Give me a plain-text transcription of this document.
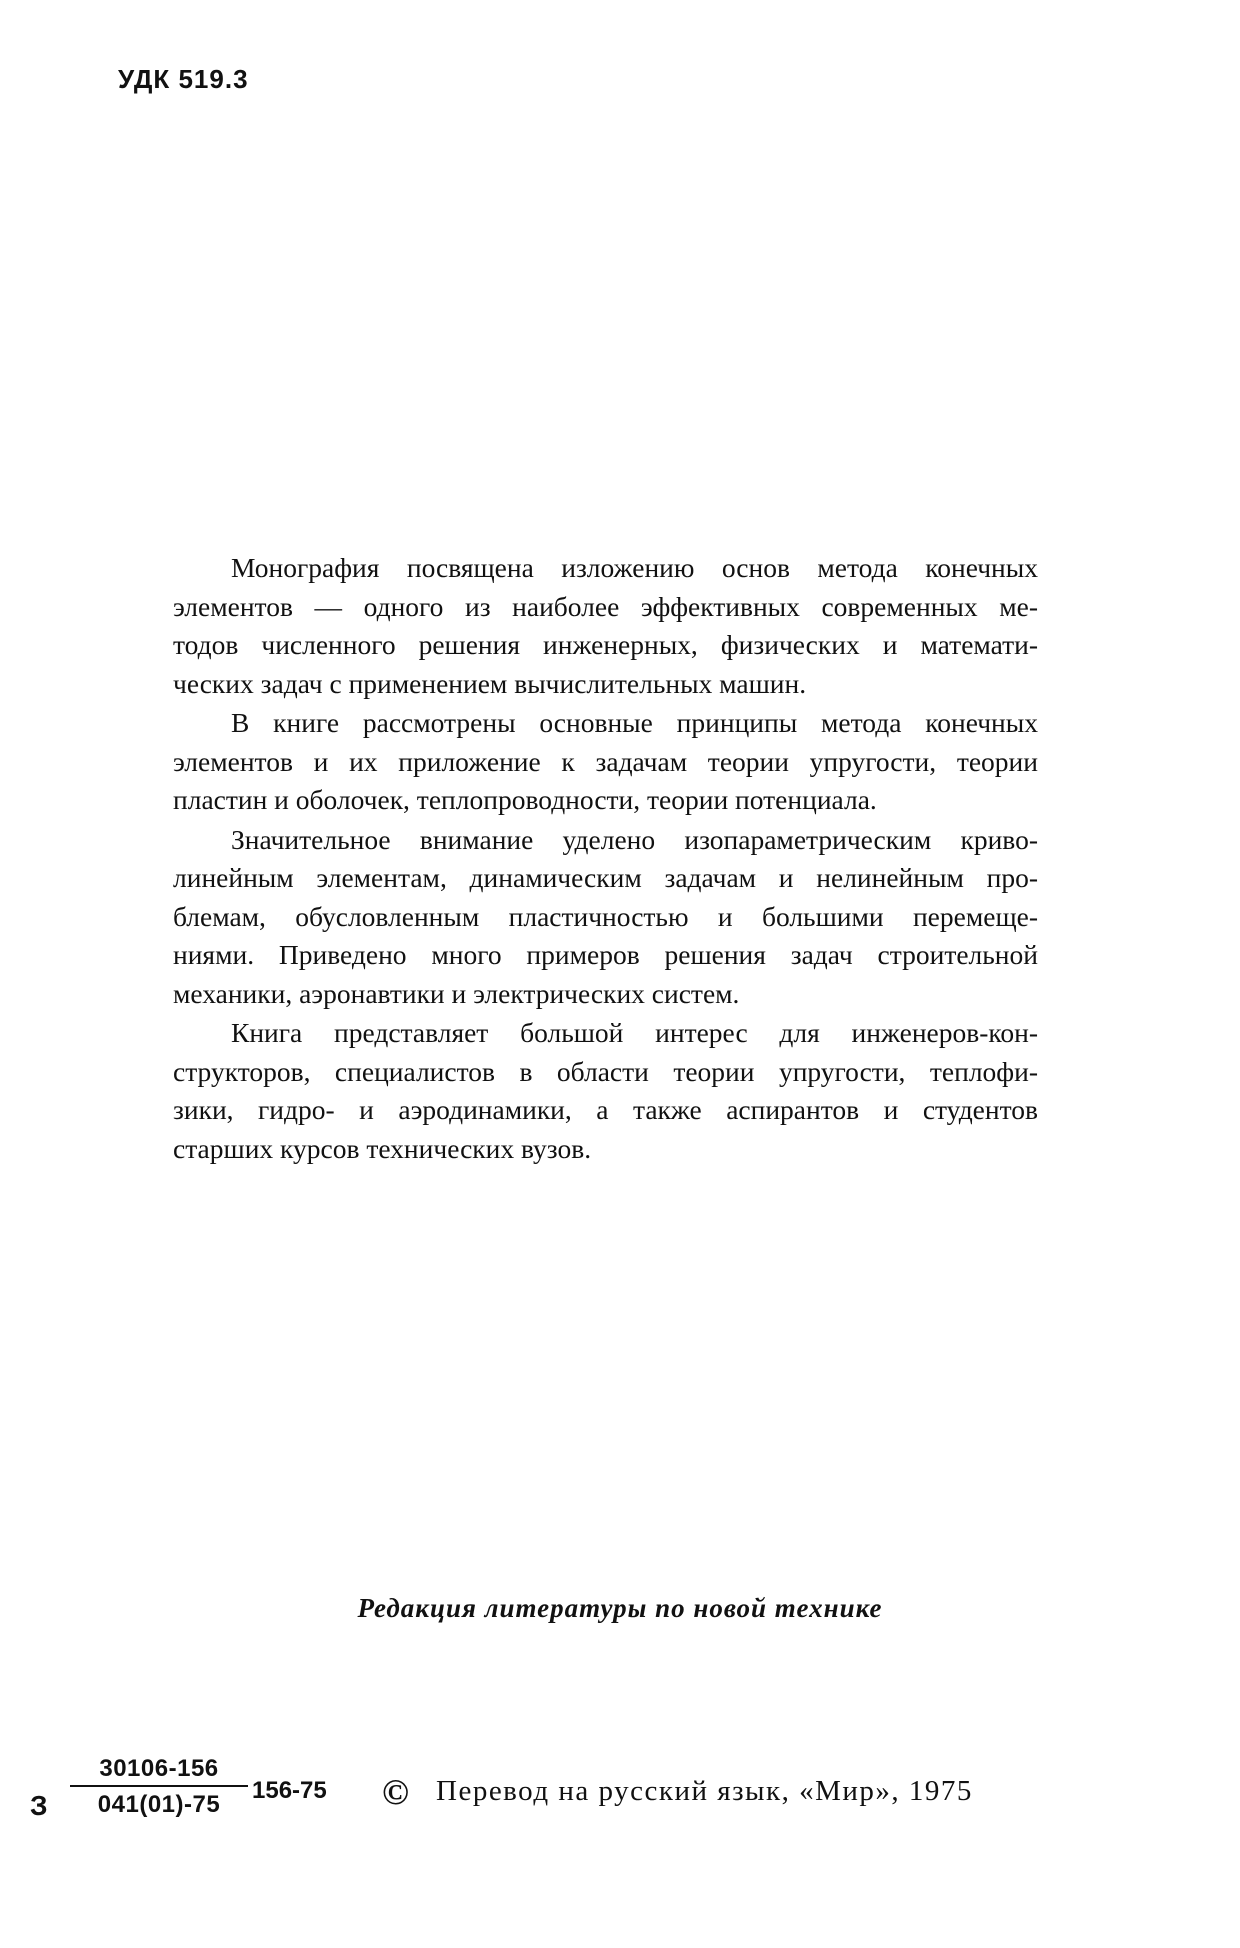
УДК 519.3

Монография посвящена изложению основ метода конечных
элементов — одного из наиболее эффективных современных ме-
тодов численного решения инженерных, физических и математи-
ческих задач с применением вычислительных машин.

В книге рассмотрены основные принципы метода конечных
элементов и их приложение к задачам теории упругости, теории
пластин и оболочек, теплопроводности, теории потенциала.

Значительное внимание уделено изопараметрическим криво-
линейным элементам, динамическим задачам и нелинейным про-
блемам, обусловленным пластичностью и большими перемеще-
ниями. Приведено много примеров решения задач строительной
механики, аэронавтики и электрических систем.

Книга представляет большой интерес для инженеров-кон-
структоров, специалистов в области теории упругости, теплофи-
зики, гидро- и аэродинамики, а также аспирантов и студентов
старших курсов технических вузов.

Редакция литературы по новой технике
З $\frac{30106-156}{041(01)-75} 156-75$ © Перевод на русский язык, «Мир», 1975
